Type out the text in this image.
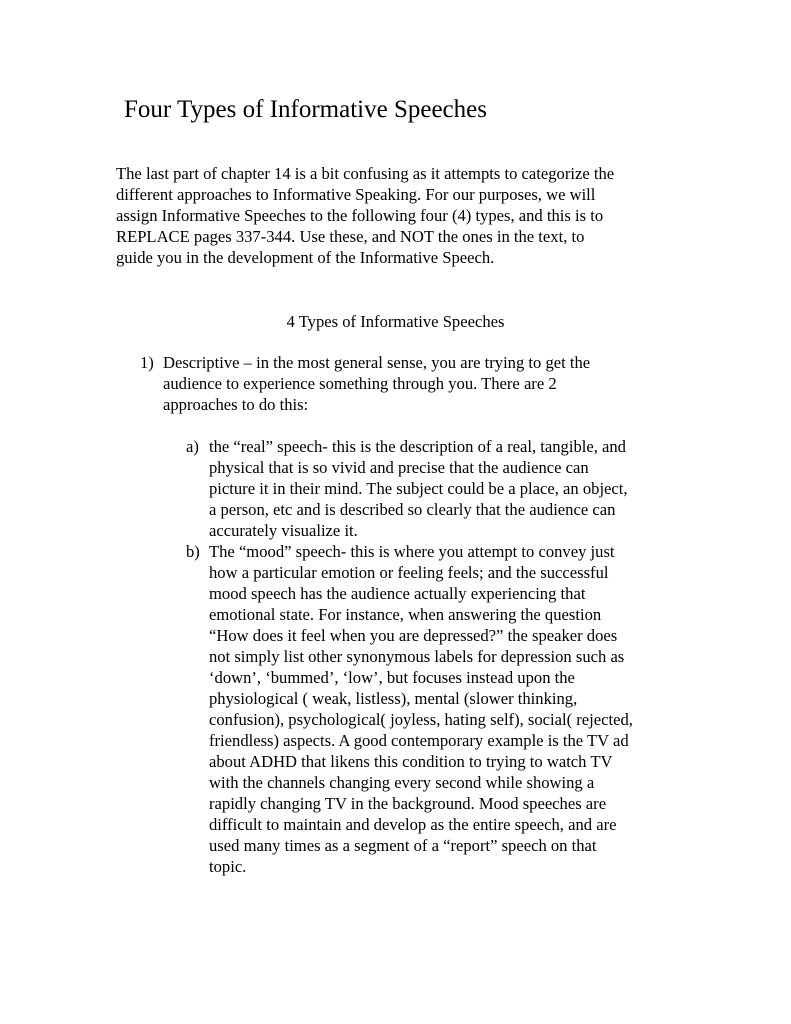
Four Types of Informative Speeches
The last part of chapter 14 is a bit confusing as it attempts to categorize the
different approaches to Informative Speaking. For our purposes, we will
assign Informative Speeches to the following four (4) types, and this is to
REPLACE pages 337-344. Use these, and NOT the ones in the text, to
guide you in the development of the Informative Speech.
4 Types of Informative Speeches
1) Descriptive – in the most general sense, you are trying to get the
audience to experience something through you. There are 2
approaches to do this:
a) the “real” speech- this is the description of a real, tangible, and
physical that is so vivid and precise that the audience can
picture it in their mind. The subject could be a place, an object,
a person, etc and is described so clearly that the audience can
accurately visualize it.
b) The “mood” speech- this is where you attempt to convey just
how a particular emotion or feeling feels; and the successful
mood speech has the audience actually experiencing that
emotional state. For instance, when answering the question
“How does it feel when you are depressed?” the speaker does
not simply list other synonymous labels for depression such as
‘down’, ‘bummed’, ‘low’, but focuses instead upon the
physiological ( weak, listless), mental (slower thinking,
confusion), psychological( joyless, hating self), social( rejected,
friendless) aspects. A good contemporary example is the TV ad
about ADHD that likens this condition to trying to watch TV
with the channels changing every second while showing a
rapidly changing TV in the background. Mood speeches are
difficult to maintain and develop as the entire speech, and are
used many times as a segment of a “report” speech on that
topic.
